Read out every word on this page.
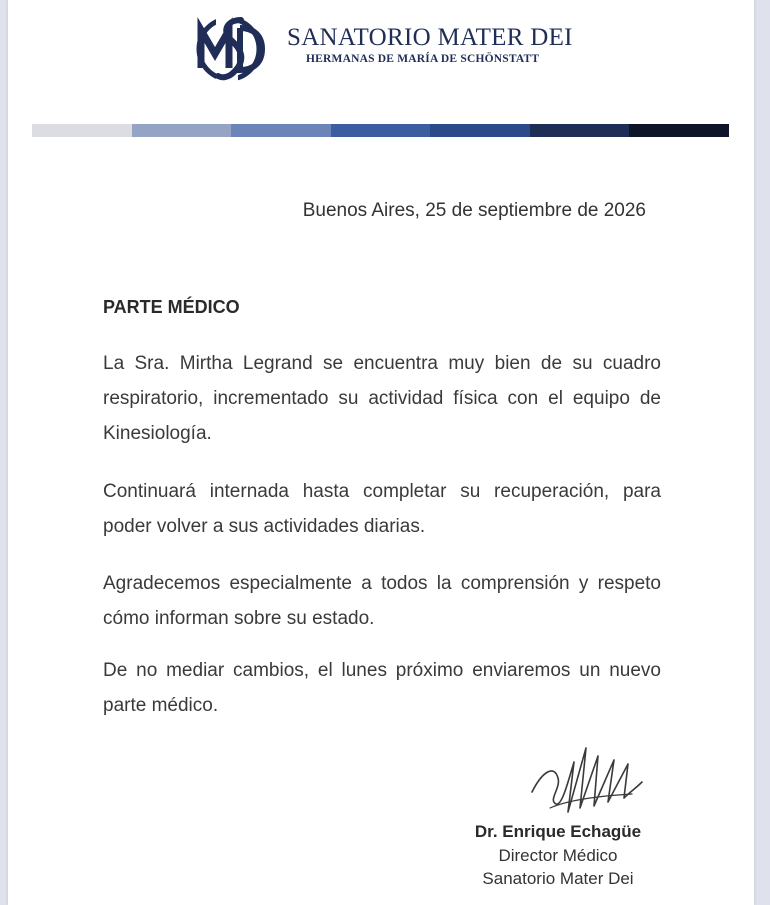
SANATORIO MATER DEI
HERMANAS DE MARÍA DE SCHÖNSTATT
Buenos Aires, 25 de septiembre de 2026
PARTE MÉDICO

La Sra. Mirtha Legrand se encuentra muy bien de su cuadro respiratorio, incrementado su actividad física con el equipo de Kinesiología.

Continuará internada hasta completar su recuperación, para poder volver a sus actividades diarias.

Agradecemos especialmente a todos la comprensión y respeto cómo informan sobre su estado.

De no mediar cambios, el lunes próximo enviaremos un nuevo parte médico.

Dr. Enrique Echagüe
Director Médico
Sanatorio Mater Dei
